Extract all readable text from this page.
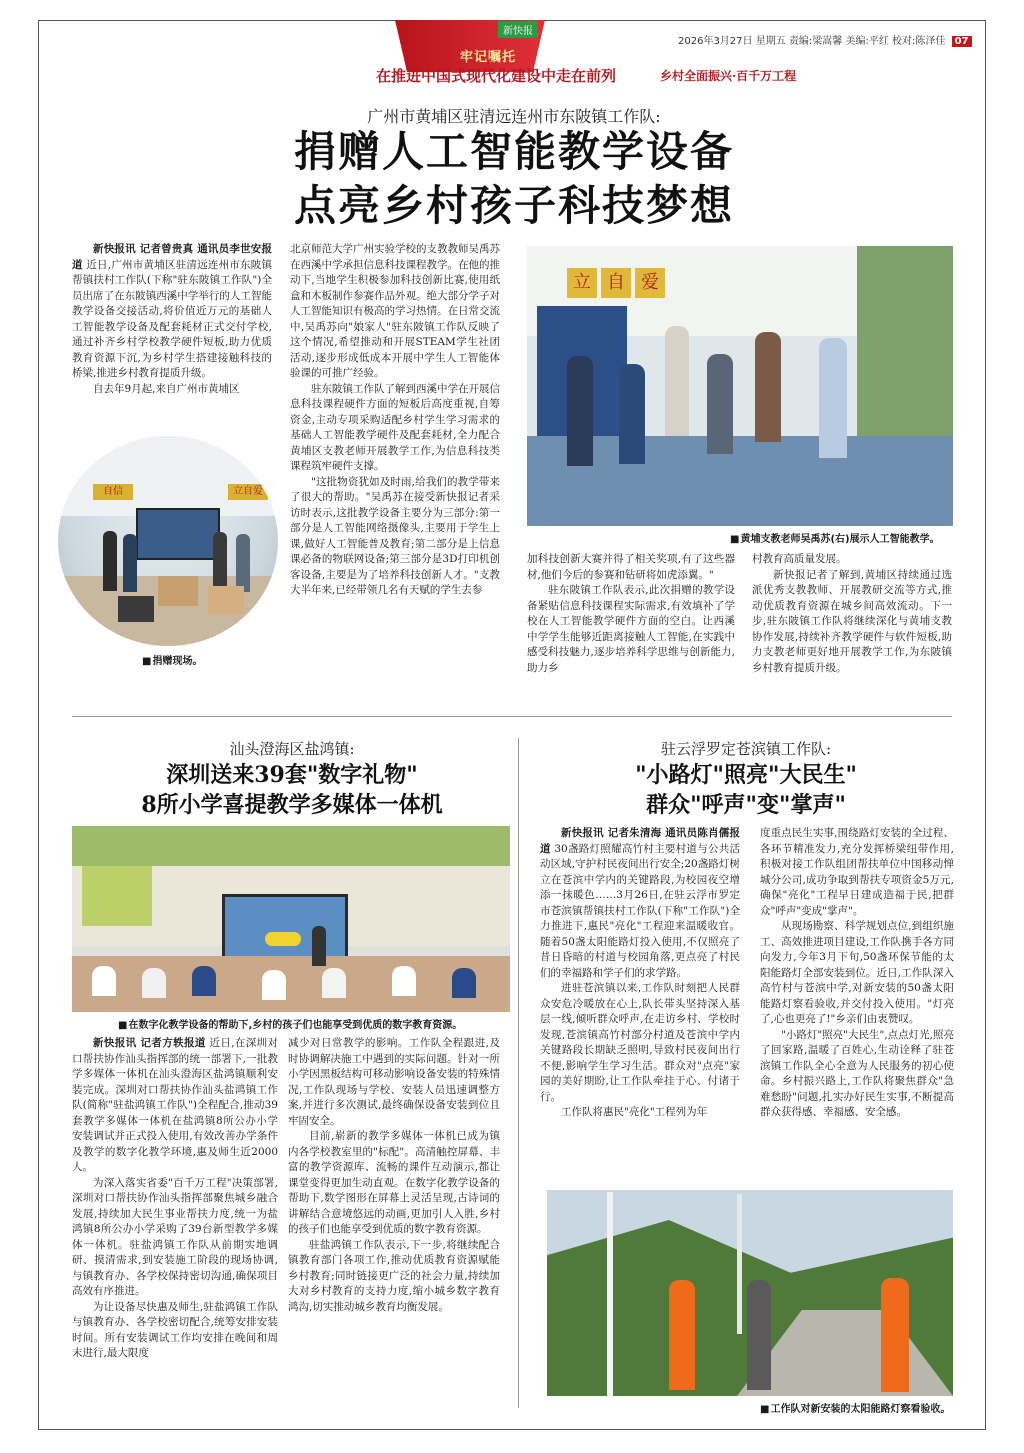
新快报
牢记嘱托
在推进中国式现代化建设中走在前列	乡村全面振兴·百千万工程
2026年3月27日 星期五 责编:梁嵩馨 美编:平红 校对:陈泽佳 07
广州市黄埔区驻清远连州市东陂镇工作队:
捐赠人工智能教学设备
点亮乡村孩子科技梦想

新快报讯 记者曾贵真 通讯员李世安报道 近日,广州市黄埔区驻清远连州市东陂镇帮镇扶村工作队(下称"驻东陂镇工作队")全员出席了在东陂镇西溪中学举行的人工智能教学设备交接活动,将价值近万元的基础人工智能教学设备及配套耗材正式交付学校,通过补齐乡村学校教学硬件短板,助力优质教育资源下沉,为乡村学生搭建接触科技的桥梁,推进乡村教育提质升级。

自去年9月起,来自广州市黄埔区

自信	立自爱
■ 捐赠现场。

北京师范大学广州实验学校的支教教师吴禹苏在西溪中学承担信息科技课程教学。在他的推动下,当地学生积极参加科技创新比赛,使用纸盒和木板制作参赛作品外观。绝大部分学子对人工智能知识有极高的学习热情。在日常交流中,吴禹苏向"娘家人"驻东陂镇工作队反映了这个情况,希望推动和开展STEAM学生社团活动,逐步形成低成本开展中学生人工智能体验课的可推广经验。

驻东陂镇工作队了解到西溪中学在开展信息科技课程硬件方面的短板后高度重视,自筹资金,主动专项采购适配乡村学生学习需求的基础人工智能教学硬件及配套耗材,全力配合黄埔区支教老师开展教学工作,为信息科技类课程筑牢硬件支撑。

"这批物资犹如及时雨,给我们的教学带来了很大的帮助。"吴禹苏在接受新快报记者采访时表示,这批教学设备主要分为三部分:第一部分是人工智能网络摄像头,主要用于学生上课,做好人工智能普及教育;第二部分是上信息课必备的物联网设备;第三部分是3D打印机创客设备,主要是为了培养科技创新人才。"支教大半年来,已经带领几名有天赋的学生去参

立 自 爱
■ 黄埔支教老师吴禹苏(右)展示人工智能教学。

加科技创新大赛并得了相关奖项,有了这些器材,他们今后的参赛和钻研将如虎添翼。"

驻东陂镇工作队表示,此次捐赠的教学设备紧贴信息科技课程实际需求,有效填补了学校在人工智能教学硬件方面的空白。让西溪中学学生能够近距离接触人工智能,在实践中感受科技魅力,逐步培养科学思维与创新能力,助力乡

村教育高质量发展。

新快报记者了解到,黄埔区持续通过选派优秀支教教师、开展教研交流等方式,推动优质教育资源在城乡间高效流动。下一步,驻东陂镇工作队将继续深化与黄埔支教协作发展,持续补齐教学硬件与软件短板,助力支教老师更好地开展教学工作,为东陂镇乡村教育提质升级。

汕头澄海区盐鸿镇:
深圳送来39套"数字礼物"
8所小学喜提教学多媒体一体机
■ 在数字化教学设备的帮助下,乡村的孩子们也能享受到优质的数字教育资源。

新快报讯 记者方轶报道 近日,在深圳对口帮扶协作汕头指挥部的统一部署下,一批教学多媒体一体机在汕头澄海区盐鸿镇顺利安装完成。深圳对口帮扶协作汕头盐鸿镇工作队(简称"驻盐鸿镇工作队")全程配合,推动39套教学多媒体一体机在盐鸿镇8所公办小学安装调试并正式投入使用,有效改善办学条件及教学的数字化教学环境,惠及师生近2000人。

为深入落实省委"百千万工程"决策部署,深圳对口帮扶协作汕头指挥部聚焦城乡融合发展,持续加大民生事业帮扶力度,统一为盐鸿镇8所公办小学采购了39台新型教学多媒体一体机。驻盐鸿镇工作队从前期实地调研、摸清需求,到安装施工阶段的现场协调,与镇教育办、各学校保持密切沟通,确保项目高效有序推进。

为让设备尽快惠及师生,驻盐鸿镇工作队与镇教育办、各学校密切配合,统筹安排安装时间。所有安装调试工作均安排在晚间和周末进行,最大限度

减少对日常教学的影响。工作队全程跟进,及时协调解决施工中遇到的实际问题。针对一所小学因黑板结构可移动影响设备安装的特殊情况,工作队现场与学校、安装人员迅速调整方案,并进行多次测试,最终确保设备安装到位且牢固安全。

目前,崭新的教学多媒体一体机已成为镇内各学校教室里的"标配"。高清触控屏幕、丰富的教学资源库、流畅的课件互动演示,都让课堂变得更加生动直观。在数字化教学设备的帮助下,数学图形在屏幕上灵活呈现,古诗词的讲解结合意境悠远的动画,更加引人入胜,乡村的孩子们也能享受到优质的数字教育资源。

驻盐鸿镇工作队表示,下一步,将继续配合镇教育部门各项工作,推动优质教育资源赋能乡村教育;同时链接更广泛的社会力量,持续加大对乡村教育的支持力度,缩小城乡数字教育鸿沟,切实推动城乡教育均衡发展。

驻云浮罗定苍滨镇工作队:
"小路灯"照亮"大民生"
群众"呼声"变"掌声"

新快报讯 记者朱清海 通讯员陈肖儒报道 30盏路灯照耀高竹村主要村道与公共活动区域,守护村民夜间出行安全;20盏路灯树立在苍滨中学内的关键路段,为校园夜空增添一抹暖色……3月26日,在驻云浮市罗定市苍滨镇帮镇扶村工作队(下称"工作队")全力推进下,惠民"亮化"工程迎来温暖收官。随着50盏太阳能路灯投入使用,不仅照亮了昔日昏暗的村道与校园角落,更点亮了村民们的幸福路和学子们的求学路。

进驻苍滨镇以来,工作队时刻把人民群众安危冷暖放在心上,队长带头坚持深入基层一线,倾听群众呼声,在走访乡村、学校时发现,苍滨镇高竹村部分村道及苍滨中学内关键路段长期缺乏照明,导致村民夜间出行不便,影响学生学习生活。群众对"点亮"家园的美好期盼,让工作队牵挂于心、付诸于行。

工作队将惠民"亮化"工程列为年

度重点民生实事,围绕路灯安装的全过程、各环节精准发力,充分发挥桥梁纽带作用,积极对接工作队组团帮扶单位中国移动惮城分公司,成功争取到帮扶专项资金5万元,确保"亮化"工程早日建成造福于民,把群众"呼声"变成"掌声"。

从现场勘察、科学规划点位,到组织施工、高效推进项目建设,工作队携手各方同向发力,今年3月下旬,50盏环保节能的太阳能路灯全部安装到位。近日,工作队深入高竹村与苍滨中学,对新安装的50盏太阳能路灯察看验收,并交付投入使用。"灯亮了,心也更亮了!"乡亲们由衷赞叹。

"小路灯"照亮"大民生",点点灯光,照亮了回家路,温暖了百姓心,生动诠释了驻苍滨镇工作队全心全意为人民服务的初心使命。乡村振兴路上,工作队将聚焦群众"急难愁盼"问题,扎实办好民生实事,不断提高群众获得感、幸福感、安全感。

■ 工作队对新安装的太阳能路灯察看验收。
